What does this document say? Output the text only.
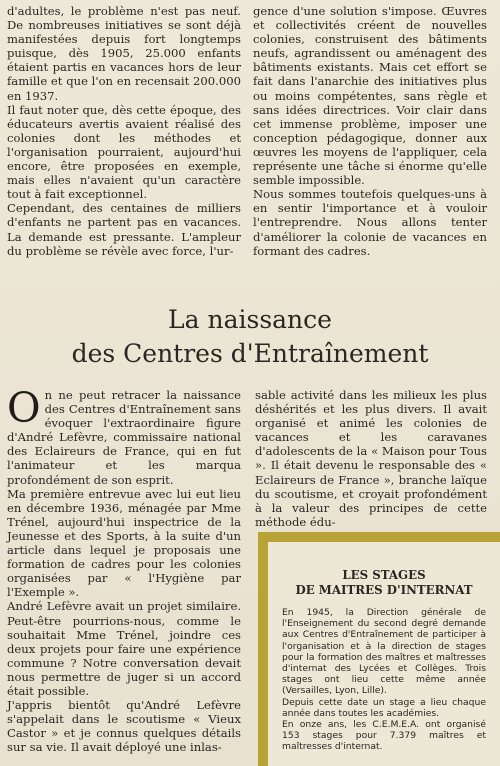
d'adultes, le problème n'est pas neuf. De nombreuses initiatives se sont déjà manifestées depuis fort longtemps puisque, dès 1905, 25.000 enfants étaient partis en vacances hors de leur famille et que l'on en recensait 200.000 en 1937.

Il faut noter que, dès cette époque, des éducateurs avertis avaient réalisé des colonies dont les méthodes et l'organisation pourraient, aujourd'hui encore, être proposées en exemple, mais elles n'avaient qu'un caractère tout à fait exceptionnel.

Cependant, des centaines de milliers d'enfants ne partent pas en vacances. La demande est pressante. L'ampleur du problème se révèle avec force, l'ur-

gence d'une solution s'impose. Œuvres et collectivités créent de nouvelles colonies, construisent des bâtiments neufs, agrandissent ou aménagent des bâtiments existants. Mais cet effort se fait dans l'anarchie des initiatives plus ou moins compétentes, sans règle et sans idées directrices. Voir clair dans cet immense problème, imposer une conception pédagogique, donner aux œuvres les moyens de l'appliquer, cela représente une tâche si énorme qu'elle semble impossible.

Nous sommes toutefois quelques-uns à en sentir l'importance et à vouloir l'entreprendre. Nous allons tenter d'améliorer la colonie de vacances en formant des cadres.

La naissance
des Centres d'Entraînement

On ne peut retracer la naissance des Centres d'Entraînement sans évoquer l'extraordinaire figure d'André Lefèvre, commissaire national des Eclaireurs de France, qui en fut l'animateur et les marqua profondément de son esprit.

Ma première entrevue avec lui eut lieu en décembre 1936, ménagée par Mme Trénel, aujourd'hui inspectrice de la Jeunesse et des Sports, à la suite d'un article dans lequel je proposais une formation de cadres pour les colonies organisées par « l'Hygiène par l'Exemple ».

André Lefèvre avait un projet similaire. Peut-être pourrions-nous, comme le souhaitait Mme Trénel, joindre ces deux projets pour faire une expérience commune ? Notre conversation devait nous permettre de juger si un accord était possible.

J'appris bientôt qu'André Lefèvre s'appelait dans le scoutisme « Vieux Castor » et je connus quelques détails sur sa vie. Il avait déployé une inlas-

sable activité dans les milieux les plus déshérités et les plus divers. Il avait organisé et animé les colonies de vacances et les caravanes d'adolescents de la « Maison pour Tous ». Il était devenu le responsable des « Eclaireurs de France », branche laïque du scoutisme, et croyait profondément à la valeur des principes de cette méthode édu-

LES STAGES
DE MAITRES D'INTERNAT

En 1945, la Direction générale de l'Enseignement du second degré demande aux Centres d'Entraînement de participer à l'organisation et à la direction de stages pour la formation des maîtres et maîtresses d'internat des Lycées et Collèges. Trois stages ont lieu cette même année (Versailles, Lyon, Lille).

Depuis cette date un stage a lieu chaque année dans toutes les académies.

En onze ans, les C.E.M.E.A. ont organisé 153 stages pour 7.379 maîtres et maîtresses d'internat.
